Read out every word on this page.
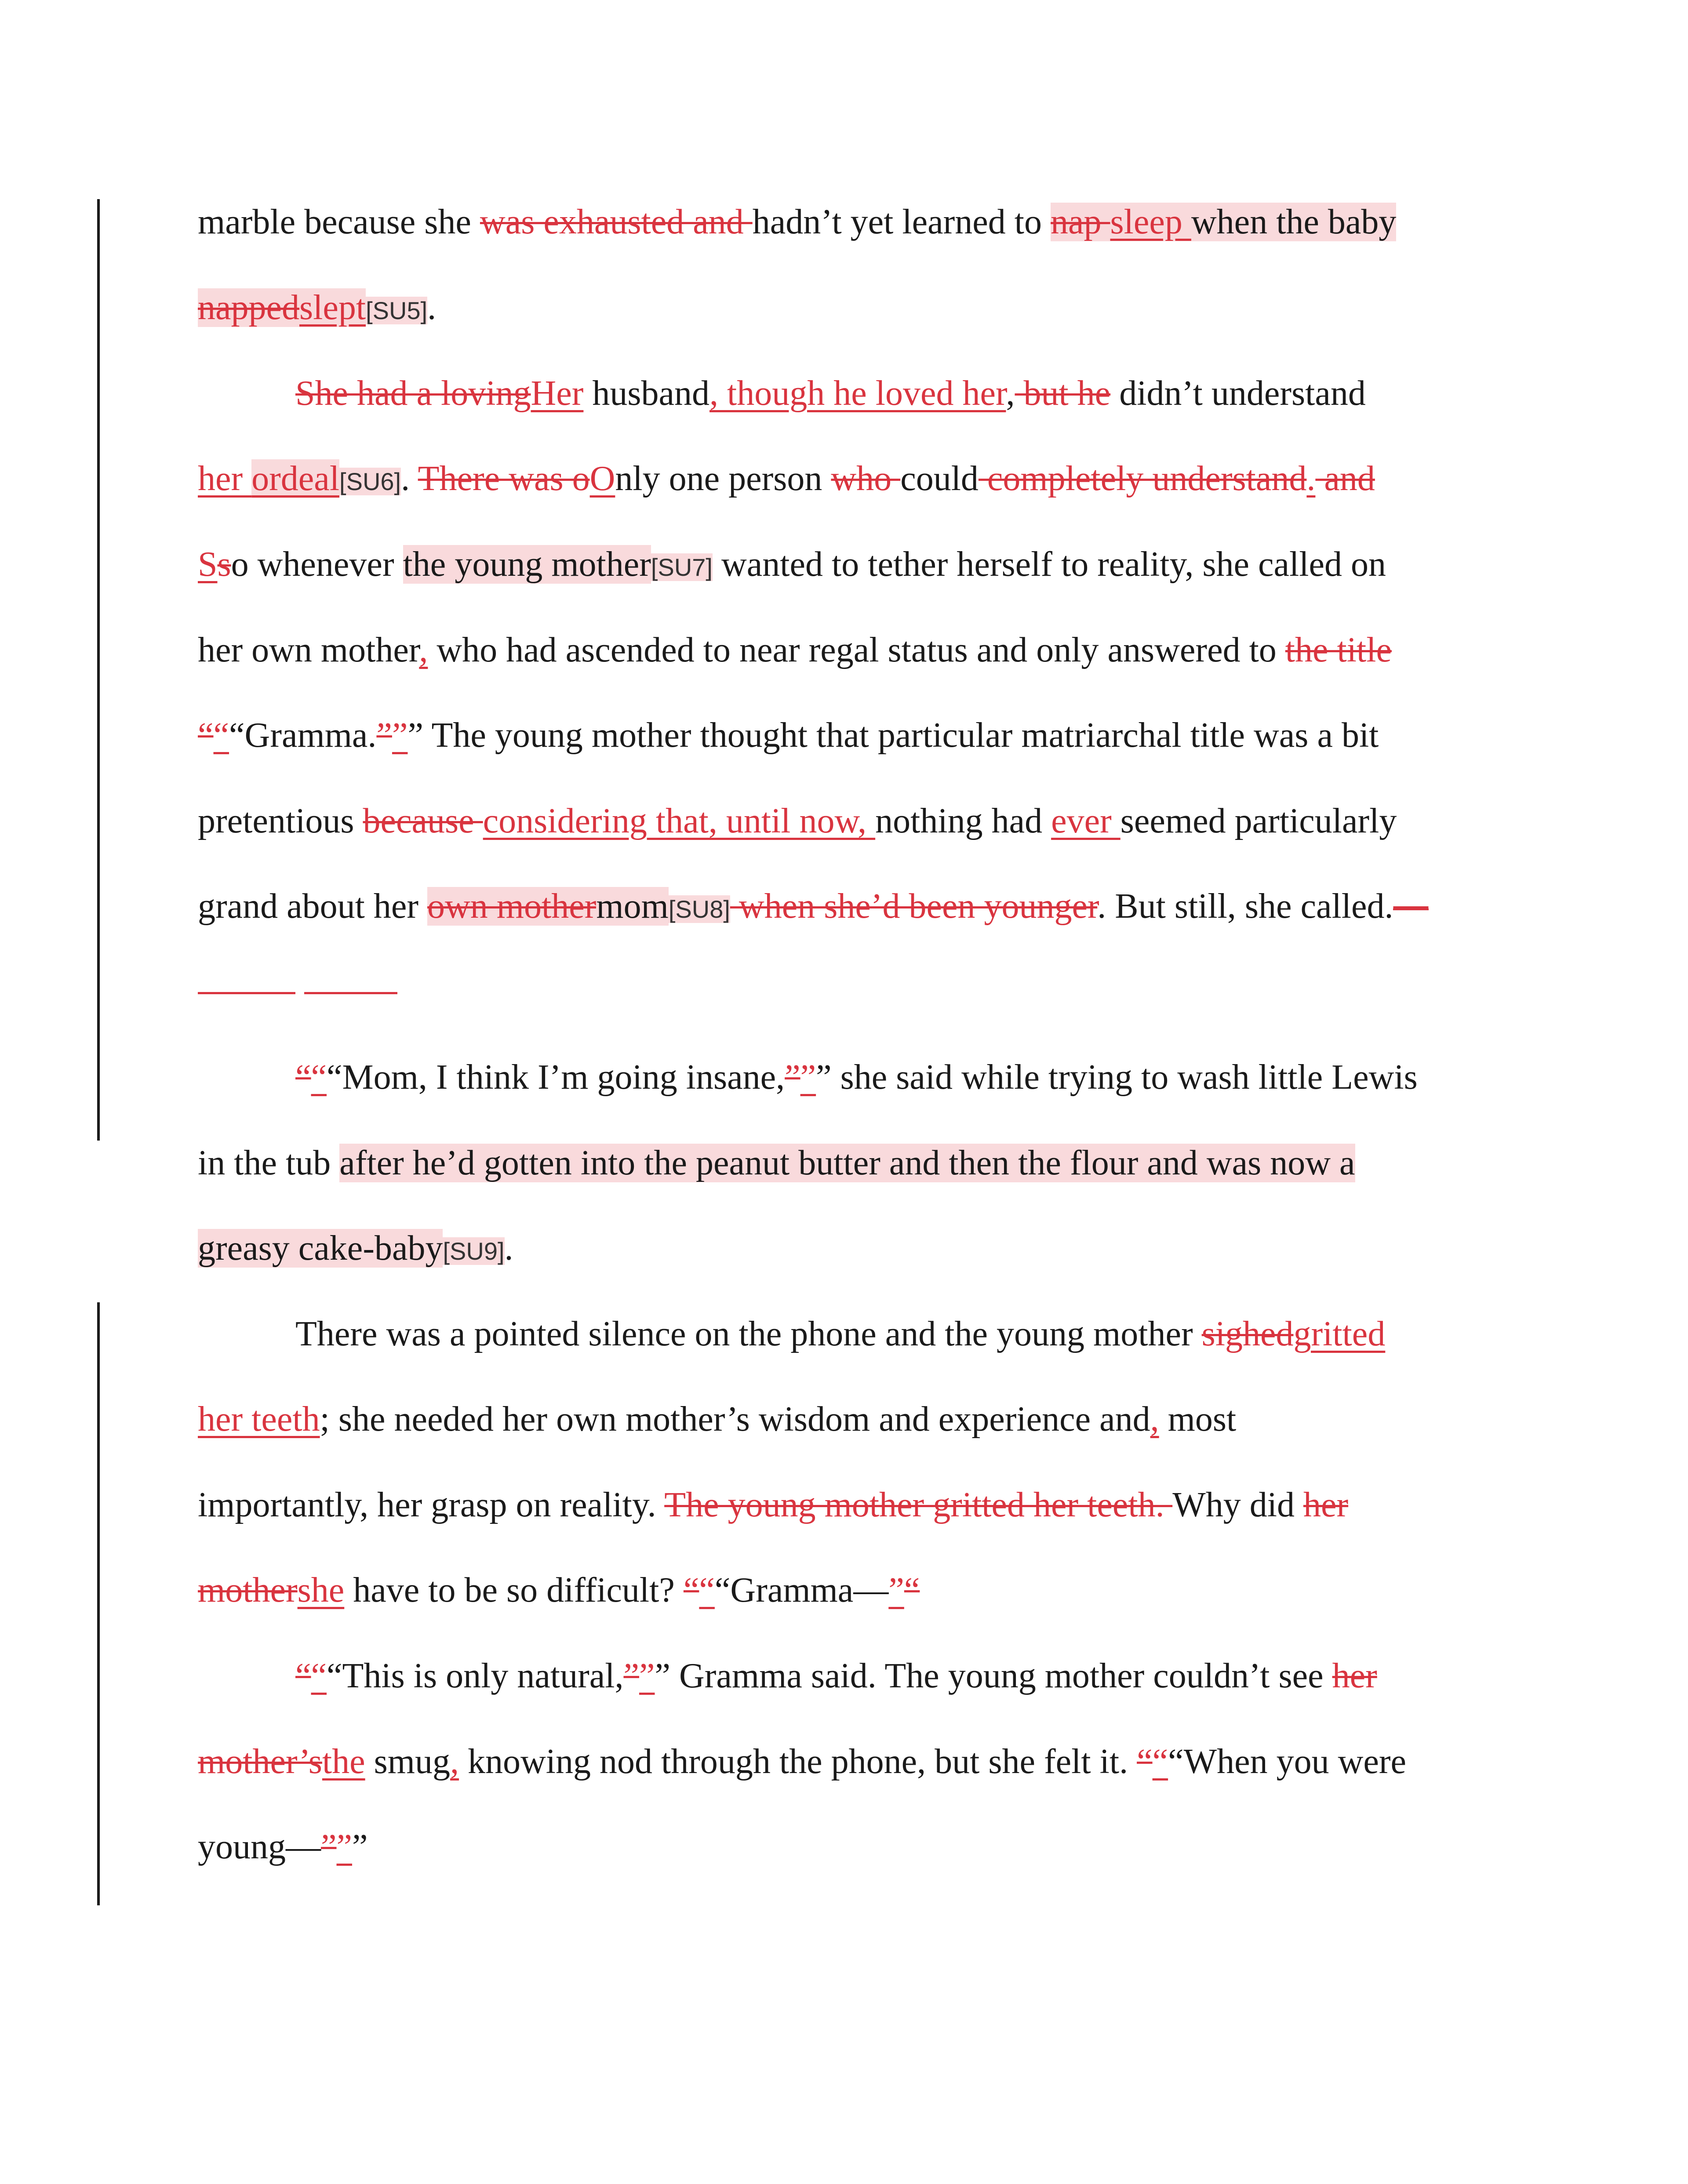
marble because she was exhausted and hadn’t yet learned to nap sleep when the baby
nappedslept[SU5].
She had a lovingHer husband, though he loved her, but he didn’t understand
her ordeal[SU6]. There was oOnly one person who could completely understand. and
Sso whenever the young mother[SU7] wanted to tether herself to reality, she called on
her own mother, who had ascended to near regal status and only answered to the title
“““Gramma.””” The young mother thought that particular matriarchal title was a bit
pretentious because considering that, until now, nothing had ever seemed particularly
grand about her own mothermom[SU8] when she’d been younger. But still, she called.—
“““Mom, I think I’m going insane,””” she said while trying to wash little Lewis
in the tub after he’d gotten into the peanut butter and then the flour and was now a
greasy cake-baby[SU9].
There was a pointed silence on the phone and the young mother sighedgritted
her teeth; she needed her own mother’s wisdom and experience and, most
importantly, her grasp on reality. The young mother gritted her teeth. Why did her
mothershe have to be so difficult? “““Gramma—”“
“““This is only natural,””” Gramma said. The young mother couldn’t see her
mother’sthe smug, knowing nod through the phone, but she felt it. “““When you were
young—”””
